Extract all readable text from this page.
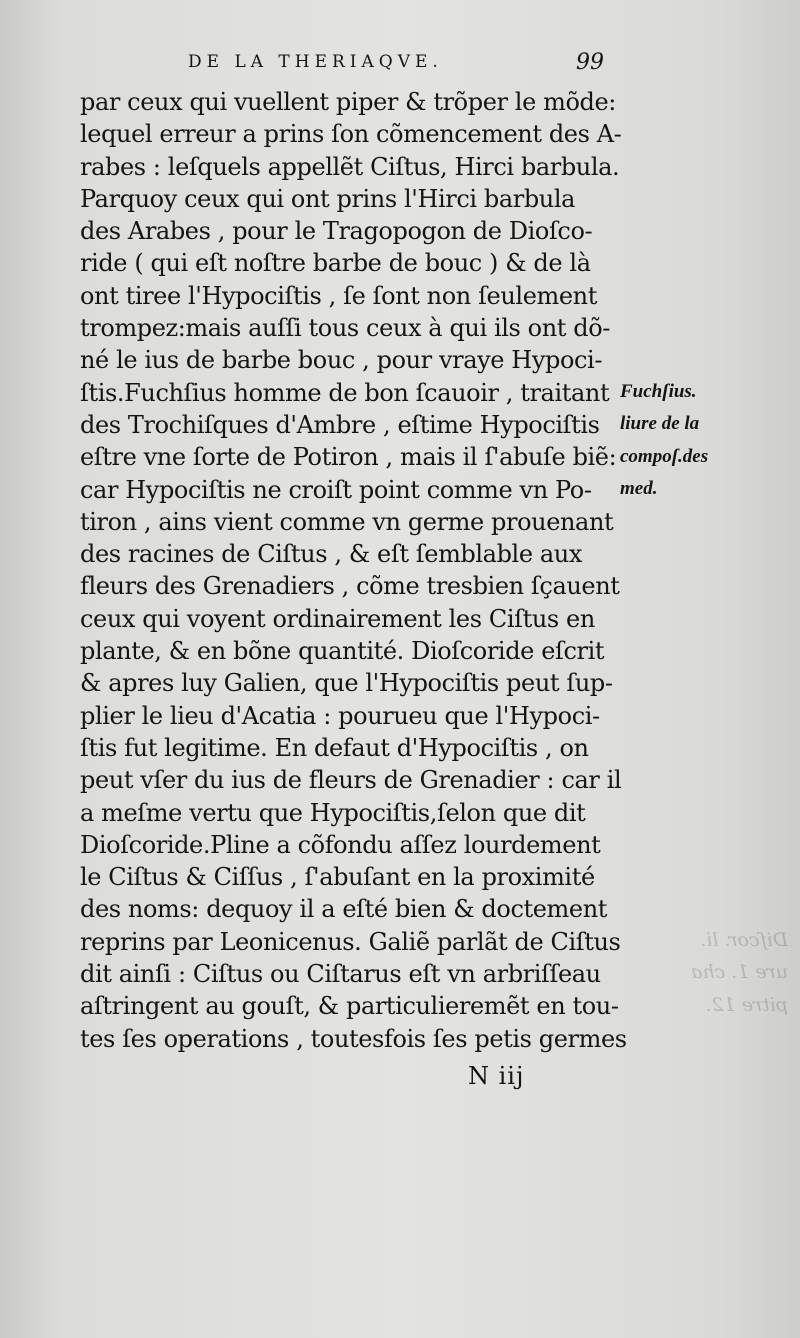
DE LA THERIAQVE.	99
par ceux qui vuellent piper & trõper le mõde:
lequel erreur a prins ſon cõmencement des A-
rabes : leſquels appellẽt Ciſtus, Hirci barbula.
Parquoy ceux qui ont prins l'Hirci barbula
des Arabes , pour le Tragopogon de Dioſco-
ride ( qui eſt noſtre barbe de bouc ) & de là
ont tiree l'Hypociſtis , ſe ſont non ſeulement
trompez:mais auſſi tous ceux à qui ils ont dõ-
né le ius de barbe bouc , pour vraye Hypoci-
ſtis.Fuchſius homme de bon ſcauoir , traitant
des Trochiſques d'Ambre , eſtime Hypociſtis
eſtre vne ſorte de Potiron , mais il ſ'abuſe biẽ:
car Hypociſtis ne croiſt point comme vn Po-
tiron , ains vient comme vn germe prouenant
des racines de Ciſtus , & eſt ſemblable aux
fleurs des Grenadiers , cõme tresbien ſçauent
ceux qui voyent ordinairement les Ciſtus en
plante, & en bõne quantité. Dioſcoride eſcrit
& apres luy Galien, que l'Hypociſtis peut ſup-
plier le lieu d'Acatia : pourueu que l'Hypoci-
ſtis fut legitime. En defaut d'Hypociſtis , on
peut vſer du ius de fleurs de Grenadier : car il
a meſme vertu que Hypociſtis,ſelon que dit
Dioſcoride.Pline a cõfondu aſſez lourdement
le Ciſtus & Ciſſus , ſ'abuſant en la proximité
des noms: dequoy il a eſté bien & doctement
reprins par Leonicenus. Galiẽ parlãt de Ciſtus
dit ainſi : Ciſtus ou Ciſtarus eſt vn arbriſſeau
aſtringent au gouſt, & particulieremẽt en tou-
tes ſes operations , toutesfois ſes petis germes
Fuchſius.
liure de la
compoſ.des
med.
Diſcor. li.
ure 1. cha
pitre 12.
N iij
